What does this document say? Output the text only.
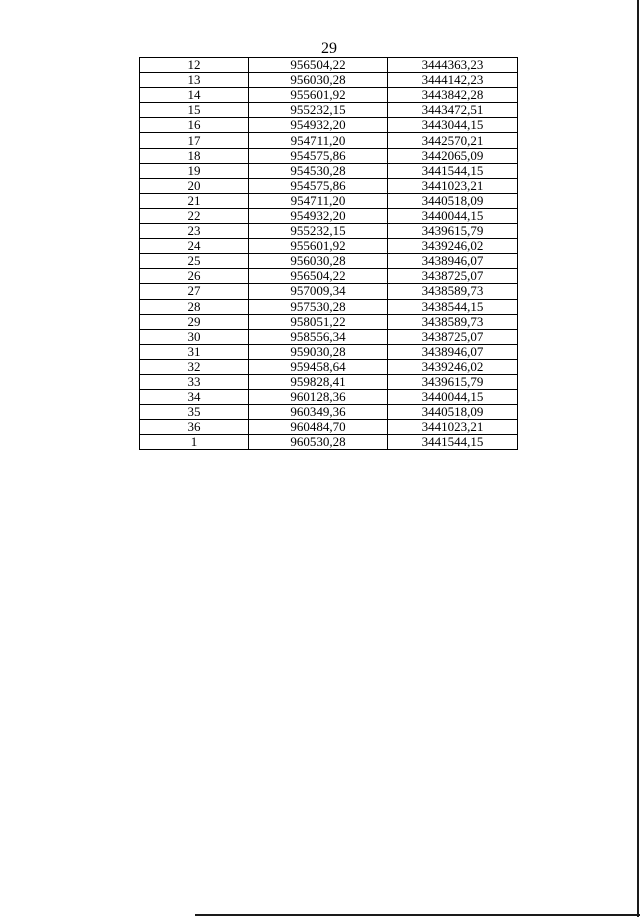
29
12	956504,22	3444363,23
13	956030,28	3444142,23
14	955601,92	3443842,28
15	955232,15	3443472,51
16	954932,20	3443044,15
17	954711,20	3442570,21
18	954575,86	3442065,09
19	954530,28	3441544,15
20	954575,86	3441023,21
21	954711,20	3440518,09
22	954932,20	3440044,15
23	955232,15	3439615,79
24	955601,92	3439246,02
25	956030,28	3438946,07
26	956504,22	3438725,07
27	957009,34	3438589,73
28	957530,28	3438544,15
29	958051,22	3438589,73
30	958556,34	3438725,07
31	959030,28	3438946,07
32	959458,64	3439246,02
33	959828,41	3439615,79
34	960128,36	3440044,15
35	960349,36	3440518,09
36	960484,70	3441023,21
1	960530,28	3441544,15
